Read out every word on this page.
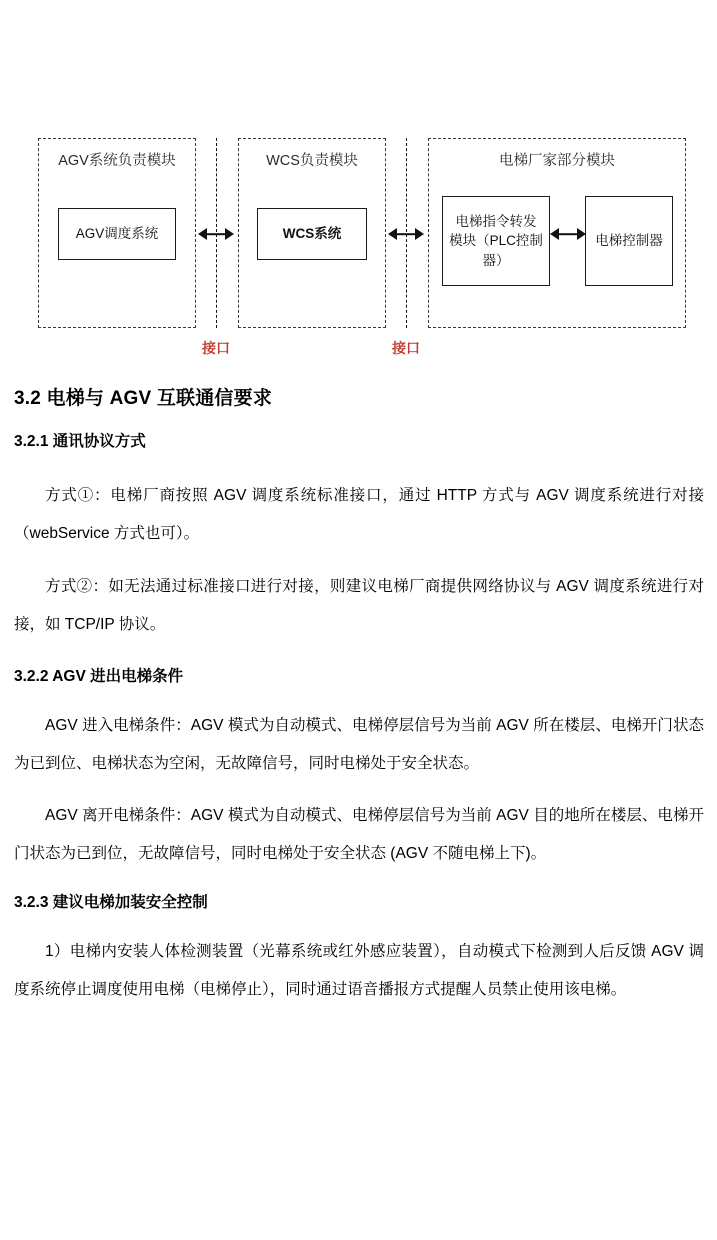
AGV系统负责模块
AGV调度系统
WCS负责模块
WCS系统
电梯厂家部分模块
电梯指令转发模块（PLC控制器）
电梯控制器
接口	接口
3.2 电梯与 AGV 互联通信要求
3.2.1 通讯协议方式
方式①：电梯厂商按照 AGV 调度系统标准接口，通过 HTTP 方式与 AGV 调度系统进行对接（webService 方式也可）。
方式②：如无法通过标准接口进行对接，则建议电梯厂商提供网络协议与 AGV 调度系统进行对接，如 TCP/IP 协议。
3.2.2 AGV 进出电梯条件
AGV 进入电梯条件：AGV 模式为自动模式、电梯停层信号为当前 AGV 所在楼层、电梯开门状态为已到位、电梯状态为空闲，无故障信号，同时电梯处于安全状态。
AGV 离开电梯条件：AGV 模式为自动模式、电梯停层信号为当前 AGV 目的地所在楼层、电梯开门状态为已到位，无故障信号，同时电梯处于安全状态 (AGV 不随电梯上下)。
3.2.3 建议电梯加装安全控制
1）电梯内安装人体检测装置（光幕系统或红外感应装置），自动模式下检测到人后反馈 AGV 调度系统停止调度使用电梯（电梯停止），同时通过语音播报方式提醒人员禁止使用该电梯。
